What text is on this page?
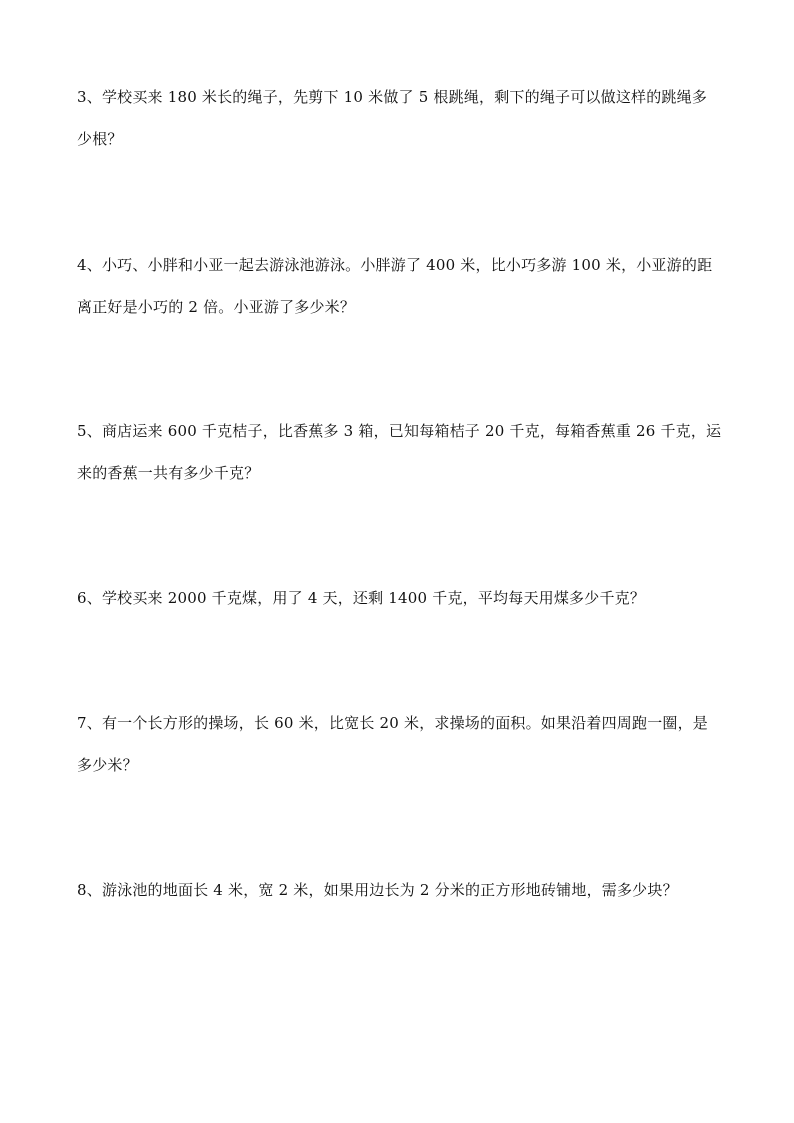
3、学校买来 180 米长的绳子，先剪下 10 米做了 5 根跳绳，剩下的绳子可以做这样的跳绳多
少根？
4、小巧、小胖和小亚一起去游泳池游泳。小胖游了 400 米，比小巧多游 100 米，小亚游的距
离正好是小巧的 2 倍。小亚游了多少米？
5、商店运来 600 千克桔子，比香蕉多 3 箱，已知每箱桔子 20 千克，每箱香蕉重 26 千克，运
来的香蕉一共有多少千克？
6、学校买来 2000 千克煤，用了 4 天，还剩 1400 千克，平均每天用煤多少千克？
7、有一个长方形的操场，长 60 米，比宽长 20 米，求操场的面积。如果沿着四周跑一圈，是
多少米？
8、游泳池的地面长 4 米，宽 2 米，如果用边长为 2 分米的正方形地砖铺地，需多少块？
